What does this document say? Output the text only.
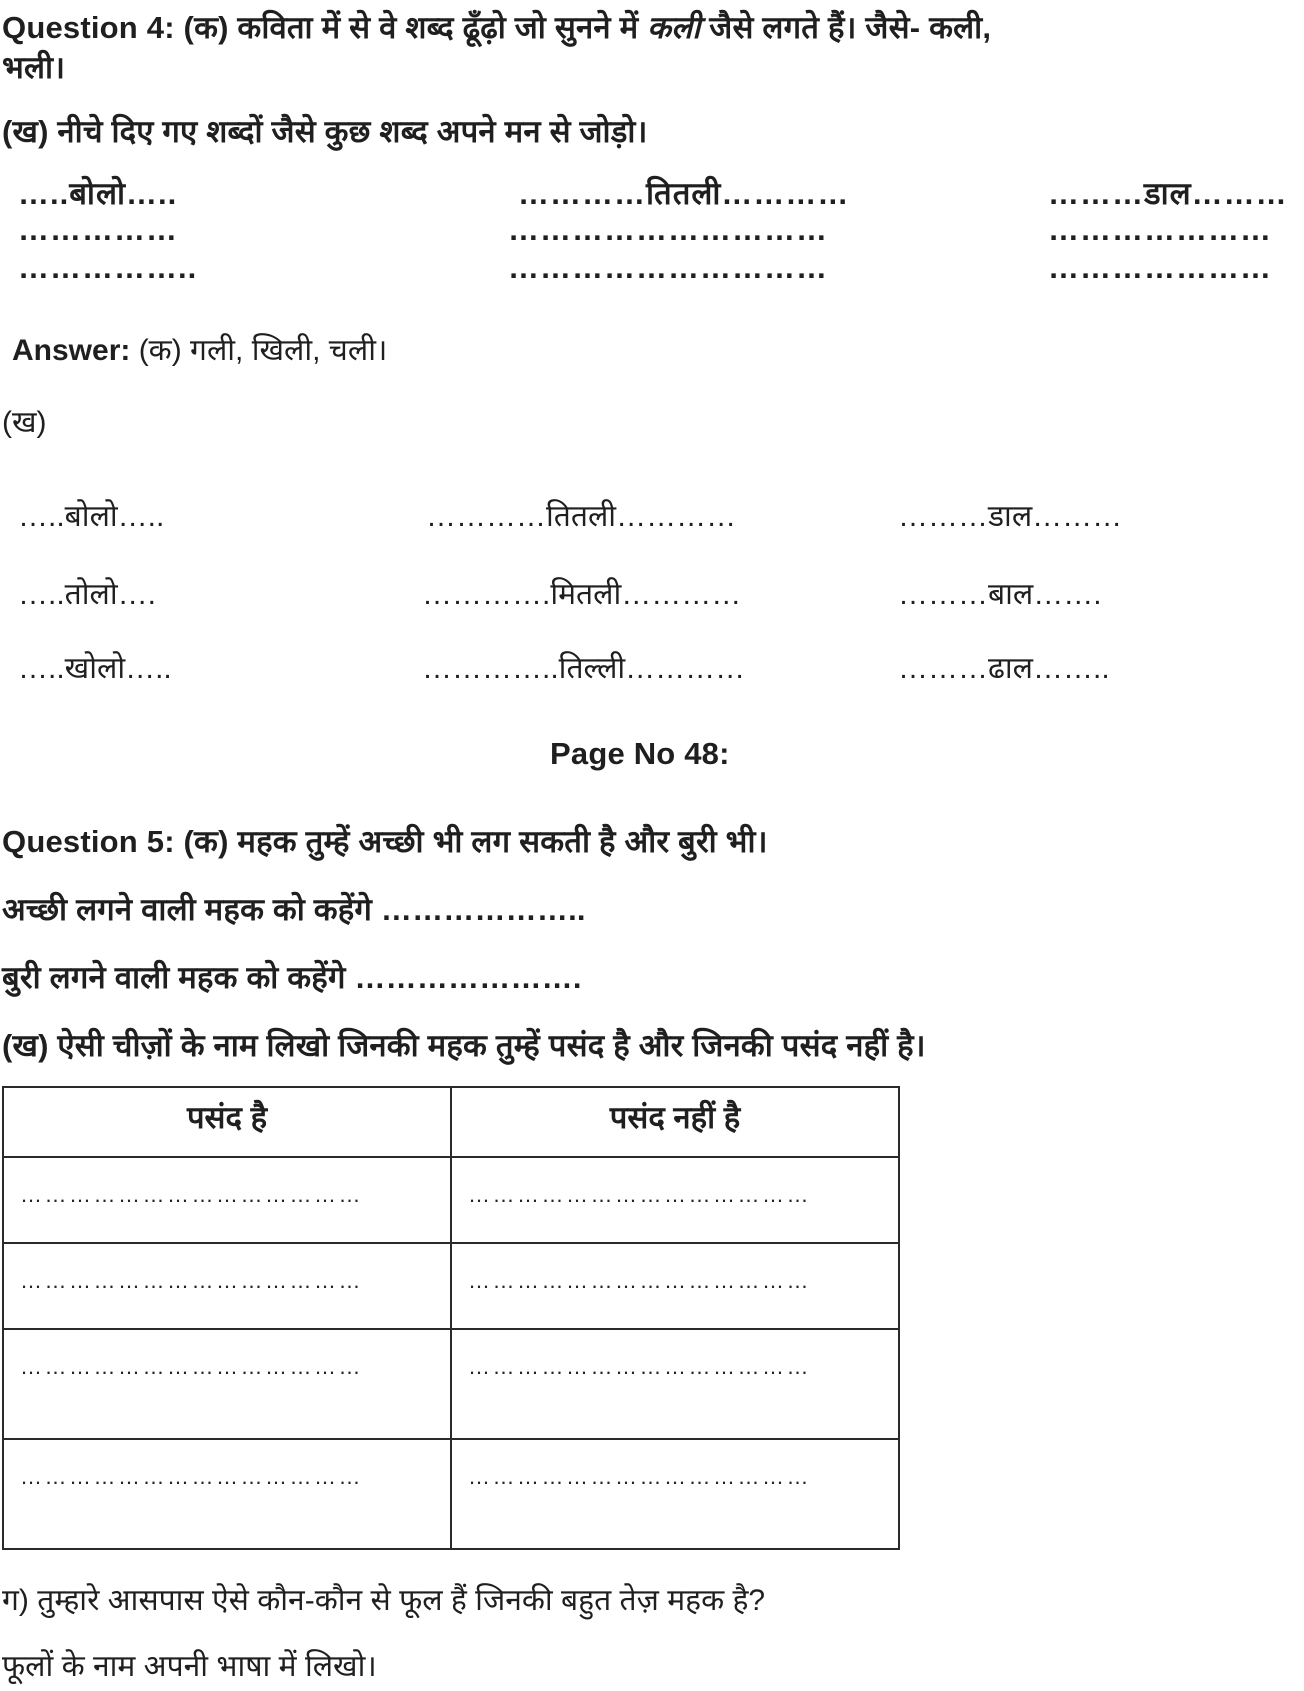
Question 4: (क) कविता में से वे शब्द ढूँढ़ो जो सुनने में कली जैसे लगते हैं। जैसे- कली,
भली।
(ख) नीचे दिए गए शब्दों जैसे कुछ शब्द अपने मन से जोड़ो।
…..बोलो…..	…………तितली…………	………डाल………
……………	…………………………	…………………
……………..	…………………………	…………………
Answer: (क) गली, खिली, चली।
(ख)
…..बोलो…..	…………तितली…………	………डाल………
…..तोलो….	………….मितली…………	………बाल…….
…..खोलो…..	…………..तिल्ली…………	………ढाल……..
Page No 48:
Question 5: (क) महक तुम्हें अच्छी भी लग सकती है और बुरी भी।
अच्छी लगने वाली महक को कहेंगे ………………..
बुरी लगने वाली महक को कहेंगे ………………….
(ख) ऐसी चीज़ों के नाम लिखो जिनकी महक तुम्हें पसंद है और जिनकी पसंद नहीं है।
पसंद है	पसंद नहीं है

……………………………………	……………………………………

……………………………………	……………………………………

……………………………………	……………………………………

……………………………………	……………………………………
ग) तुम्हारे आसपास ऐसे कौन-कौन से फूल हैं जिनकी बहुत तेज़ महक है?
फूलों के नाम अपनी भाषा में लिखो।
